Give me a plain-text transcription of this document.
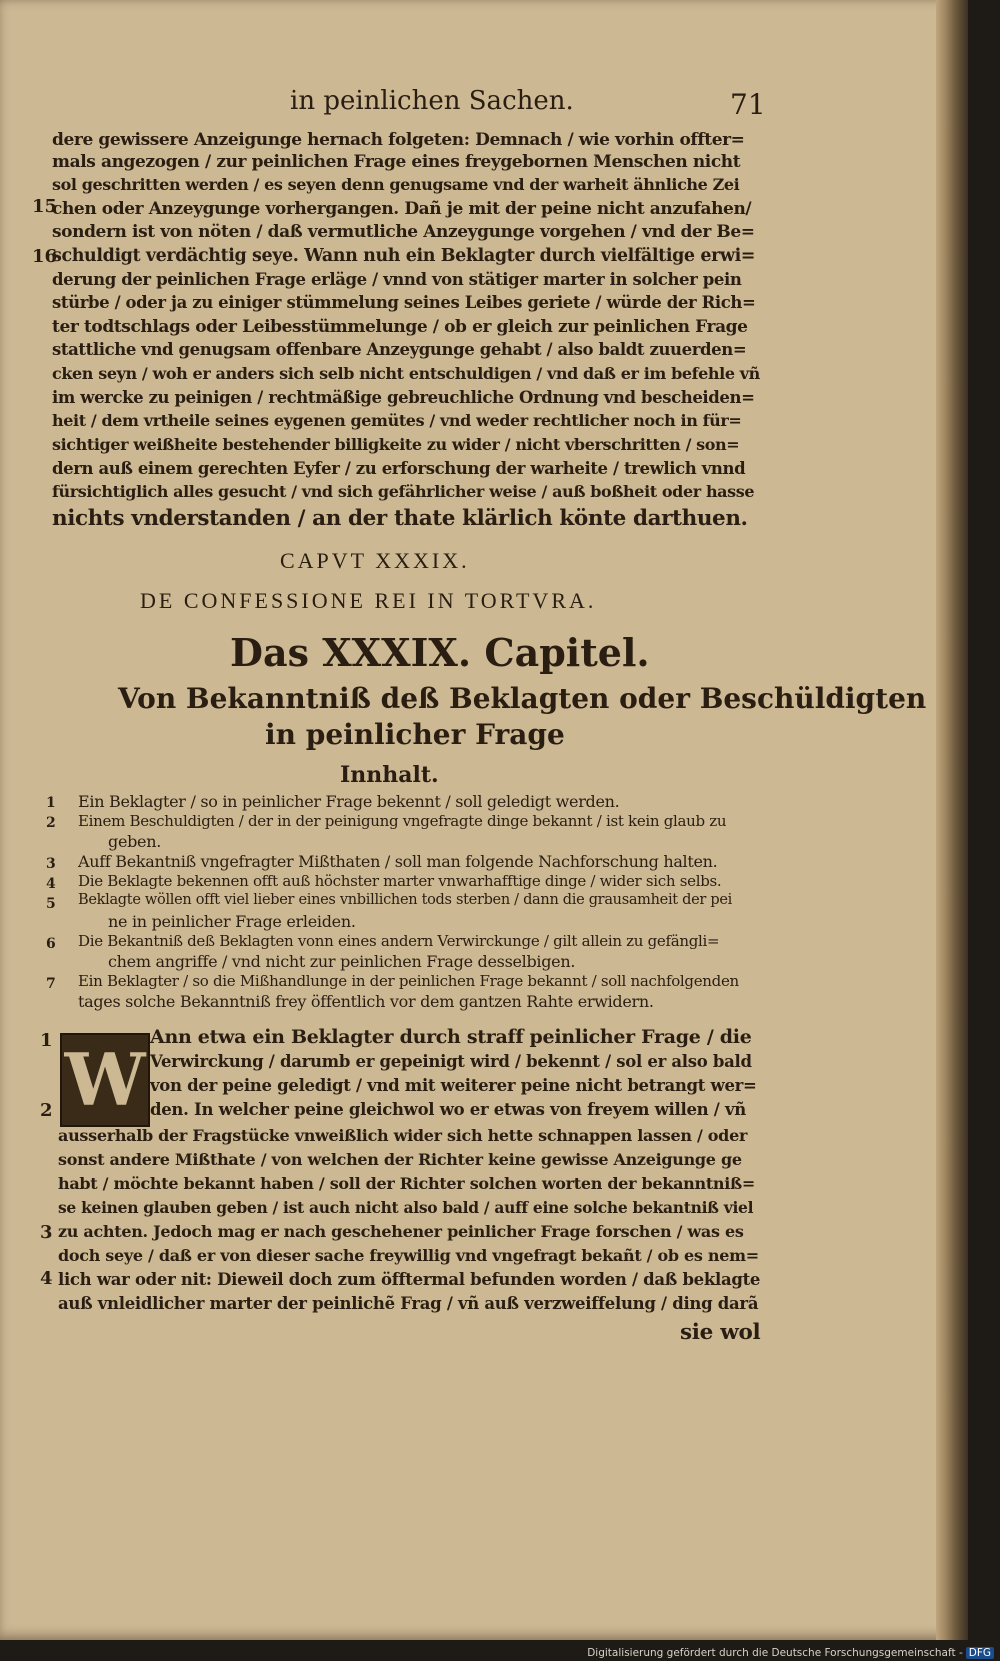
in peinlichen Sachen.	71
dere gewissere Anzeigunge hernach folgeten: Demnach / wie vorhin offter=
mals angezogen / zur peinlichen Frage eines freygebornen Menschen nicht
sol geschritten werden / es seyen denn genugsame vnd der warheit ähnliche Zei
chen oder Anzeygunge vorhergangen. Dañ je mit der peine nicht anzufahen/
sondern ist von nöten / daß vermutliche Anzeygunge vorgehen / vnd der Be=
schuldigt verdächtig seye. Wann nuh ein Beklagter durch vielfältige erwi=
derung der peinlichen Frage erläge / vnnd von stätiger marter in solcher pein
stürbe / oder ja zu einiger stümmelung seines Leibes geriete / würde der Rich=
ter todtschlags oder Leibesstümmelunge / ob er gleich zur peinlichen Frage
stattliche vnd genugsam offenbare Anzeygunge gehabt / also baldt zuuerden=
cken seyn / woh er anders sich selb nicht entschuldigen / vnd daß er im befehle vñ
im wercke zu peinigen / rechtmäßige gebreuchliche Ordnung vnd bescheiden=
heit / dem vrtheile seines eygenen gemütes / vnd weder rechtlicher noch in für=
sichtiger weißheite bestehender billigkeite zu wider / nicht vberschritten / son=
dern auß einem gerechten Eyfer / zu erforschung der warheite / trewlich vnnd
fürsichtiglich alles gesucht / vnd sich gefährlicher weise / auß boßheit oder hasse
nichts vnderstanden / an der thate klärlich könte darthuen.
15
16
CAPVT XXXIX.
DE CONFESSIONE REI IN TORTVRA.
Das XXXIX. Capitel.
Von Bekanntniß deß Beklagten oder Beschüldigten
in peinlicher Frage
Innhalt.
1 Ein Beklagter / so in peinlicher Frage bekennt / soll geledigt werden.
2 Einem Beschuldigten / der in der peinigung vngefragte dinge bekannt / ist kein glaub zu
geben.
3 Auff Bekantniß vngefragter Mißthaten / soll man folgende Nachforschung halten.
4 Die Beklagte bekennen offt auß höchster marter vnwarhafftige dinge / wider sich selbs.
5 Beklagte wöllen offt viel lieber eines vnbillichen tods sterben / dann die grausamheit der pei
ne in peinlicher Frage erleiden.
6 Die Bekantniß deß Beklagten vonn eines andern Verwirckunge / gilt allein zu gefängli=
chem angriffe / vnd nicht zur peinlichen Frage desselbigen.
7 Ein Beklagter / so die Mißhandlunge in der peinlichen Frage bekannt / soll nachfolgenden
tages solche Bekanntniß frey öffentlich vor dem gantzen Rahte erwidern.
W
1
2
3
4
Ann etwa ein Beklagter durch straff peinlicher Frage / die
Verwirckung / darumb er gepeinigt wird / bekennt / sol er also bald
von der peine geledigt / vnd mit weiterer peine nicht betrangt wer=
den. In welcher peine gleichwol wo er etwas von freyem willen / vñ
ausserhalb der Fragstücke vnweißlich wider sich hette schnappen lassen / oder
sonst andere Mißthate / von welchen der Richter keine gewisse Anzeigunge ge
habt / möchte bekannt haben / soll der Richter solchen worten der bekanntniß=
se keinen glauben geben / ist auch nicht also bald / auff eine solche bekantniß viel
zu achten. Jedoch mag er nach geschehener peinlicher Frage forschen / was es
doch seye / daß er von dieser sache freywillig vnd vngefragt bekañt / ob es nem=
lich war oder nit: Dieweil doch zum öfftermal befunden worden / daß beklagte
auß vnleidlicher marter der peinlichẽ Frag / vñ auß verzweiffelung / ding darã
sie wol
Digitalisierung gefördert durch die Deutsche Forschungsgemeinschaft - DFG
